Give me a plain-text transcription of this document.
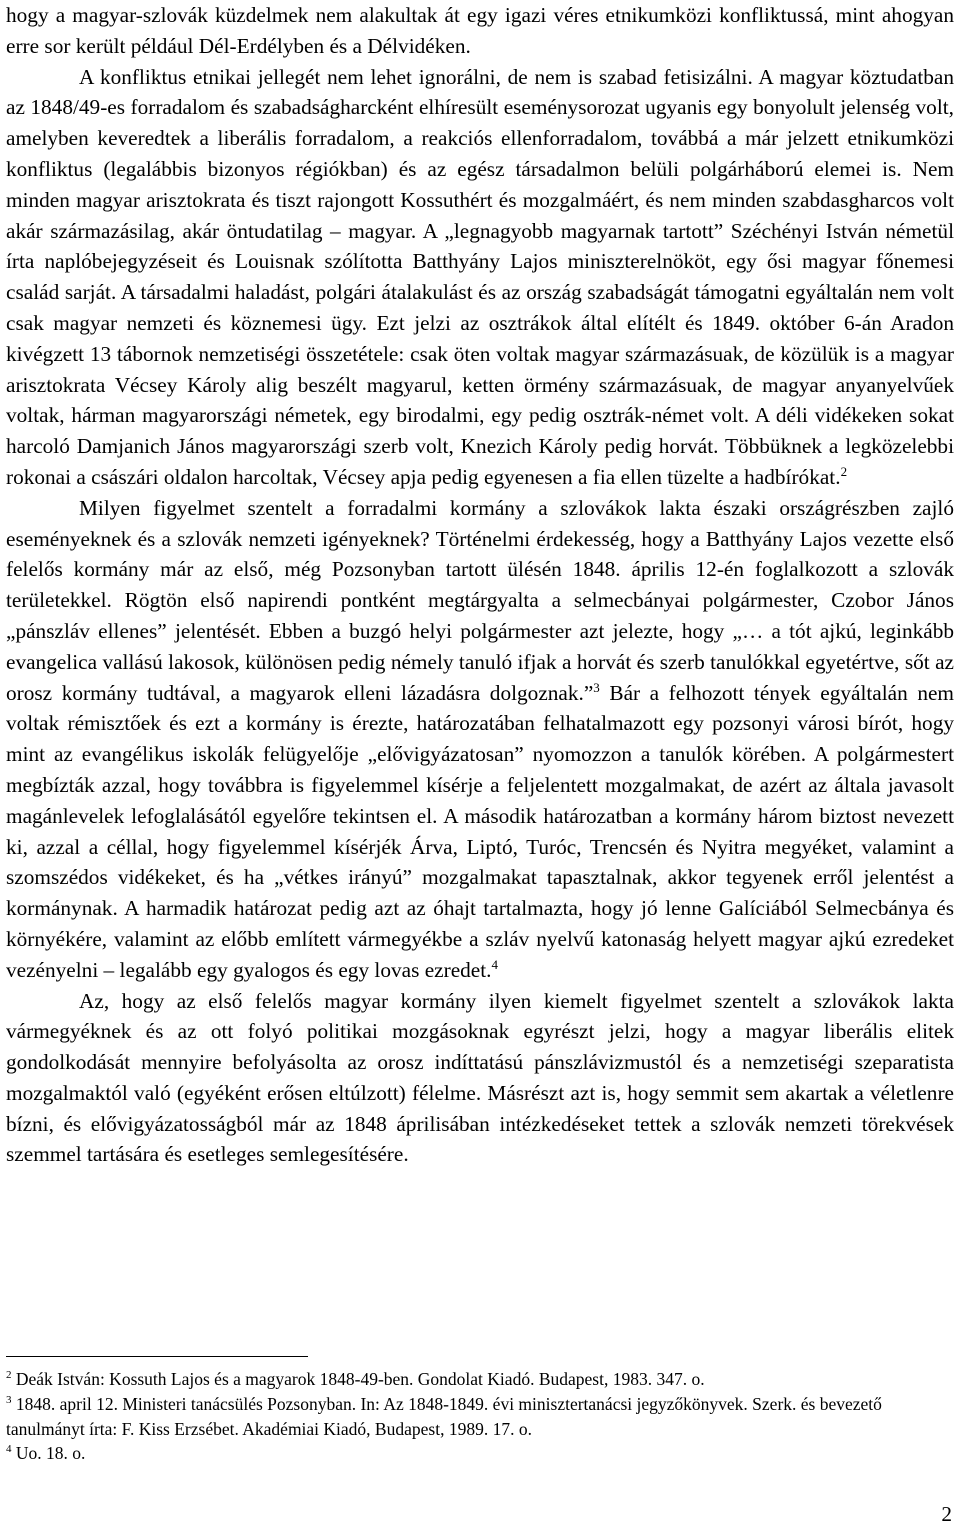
hogy a magyar-szlovák küzdelmek nem alakultak át egy igazi véres etnikumközi konfliktussá, mint ahogyan erre sor került például Dél-Erdélyben és a Délvidéken.

A konfliktus etnikai jellegét nem lehet ignorálni, de nem is szabad fetisizálni. A magyar köztudatban az 1848/49-es forradalom és szabadságharcként elhíresült eseménysorozat ugyanis egy bonyolult jelenség volt, amelyben keveredtek a liberális forradalom, a reakciós ellenforradalom, továbbá a már jelzett etnikumközi konfliktus (legalábbis bizonyos régiókban) és az egész társadalmon belüli polgárháború elemei is. Nem minden magyar arisztokrata és tiszt rajongott Kossuthért és mozgalmáért, és nem minden szabdasgharcos volt akár származásilag, akár öntudatilag – magyar. A „legnagyobb magyarnak tartott” Széchényi István németül írta naplóbejegyzéseit és Louisnak szólította Batthyány Lajos miniszterelnököt, egy ősi magyar főnemesi család sarját. A társadalmi haladást, polgári átalakulást és az ország szabadságát támogatni egyáltalán nem volt csak magyar nemzeti és köznemesi ügy. Ezt jelzi az osztrákok által elítélt és 1849. október 6-án Aradon kivégzett 13 tábornok nemzetiségi összetétele: csak öten voltak magyar származásuak, de közülük is a magyar arisztokrata Vécsey Károly alig beszélt magyarul, ketten örmény származásuak, de magyar anyanyelvűek voltak, hárman magyarországi németek, egy birodalmi, egy pedig osztrák-német volt. A déli vidékeken sokat harcoló Damjanich János magyarországi szerb volt, Knezich Károly pedig horvát. Többüknek a legközelebbi rokonai a császári oldalon harcoltak, Vécsey apja pedig egyenesen a fia ellen tüzelte a hadbírókat.$^2$

Milyen figyelmet szentelt a forradalmi kormány a szlovákok lakta északi országrészben zajló eseményeknek és a szlovák nemzeti igényeknek? Történelmi érdekesség, hogy a Batthyány Lajos vezette első felelős kormány már az első, még Pozsonyban tartott ülésén 1848. április 12-én foglalkozott a szlovák területekkel. Rögtön első napirendi pontként megtárgyalta a selmecbányai polgármester, Czobor János „pánszláv ellenes” jelentését. Ebben a buzgó helyi polgármester azt jelezte, hogy „… a tót ajkú, leginkább evangelica vallású lakosok, különösen pedig némely tanuló ifjak a horvát és szerb tanulókkal egyetértve, sőt az orosz kormány tudtával, a magyarok elleni lázadásra dolgoznak.”$^3$ Bár a felhozott tények egyáltalán nem voltak rémisztőek és ezt a kormány is érezte, határozatában felhatalmazott egy pozsonyi városi bírót, hogy mint az evangélikus iskolák felügyelője „elővigyázatosan” nyomozzon a tanulók körében. A polgármestert megbízták azzal, hogy továbbra is figyelemmel kísérje a feljelentett mozgalmakat, de azért az általa javasolt magánlevelek lefoglalásától egyelőre tekintsen el. A második határozatban a kormány három biztost nevezett ki, azzal a céllal, hogy figyelemmel kísérjék Árva, Liptó, Turóc, Trencsén és Nyitra megyéket, valamint a szomszédos vidékeket, és ha „vétkes irányú” mozgalmakat tapasztalnak, akkor tegyenek erről jelentést a kormánynak. A harmadik határozat pedig azt az óhajt tartalmazta, hogy jó lenne Galíciából Selmecbánya és környékére, valamint az előbb említett vármegyékbe a szláv nyelvű katonaság helyett magyar ajkú ezredeket vezényelni – legalább egy gyalogos és egy lovas ezredet.$^4$

Az, hogy az első felelős magyar kormány ilyen kiemelt figyelmet szentelt a szlovákok lakta vármegyéknek és az ott folyó politikai mozgásoknak egyrészt jelzi, hogy a magyar liberális elitek gondolkodását mennyire befolyásolta az orosz indíttatású pánszlávizmustól és a nemzetiségi szeparatista mozgalmaktól való (egyéként erősen eltúlzott) félelme. Másrészt azt is, hogy semmit sem akartak a véletlenre bízni, és elővigyázatosságból már az 1848 áprilisában intézkedéseket tettek a szlovák nemzeti törekvések szemmel tartására és esetleges semlegesítésére.

$^2$ Deák István: Kossuth Lajos és a magyarok 1848-49-ben. Gondolat Kiadó. Budapest, 1983. 347. o.

$^3$ 1848. april 12. Ministeri tanácsülés Pozsonyban. In: Az 1848-1849. évi minisztertanácsi jegyzőkönyvek. Szerk. és bevezető tanulmányt írta: F. Kiss Erzsébet. Akadémiai Kiadó, Budapest, 1989. 17. o.

$^4$ Uo. 18. o.

2
